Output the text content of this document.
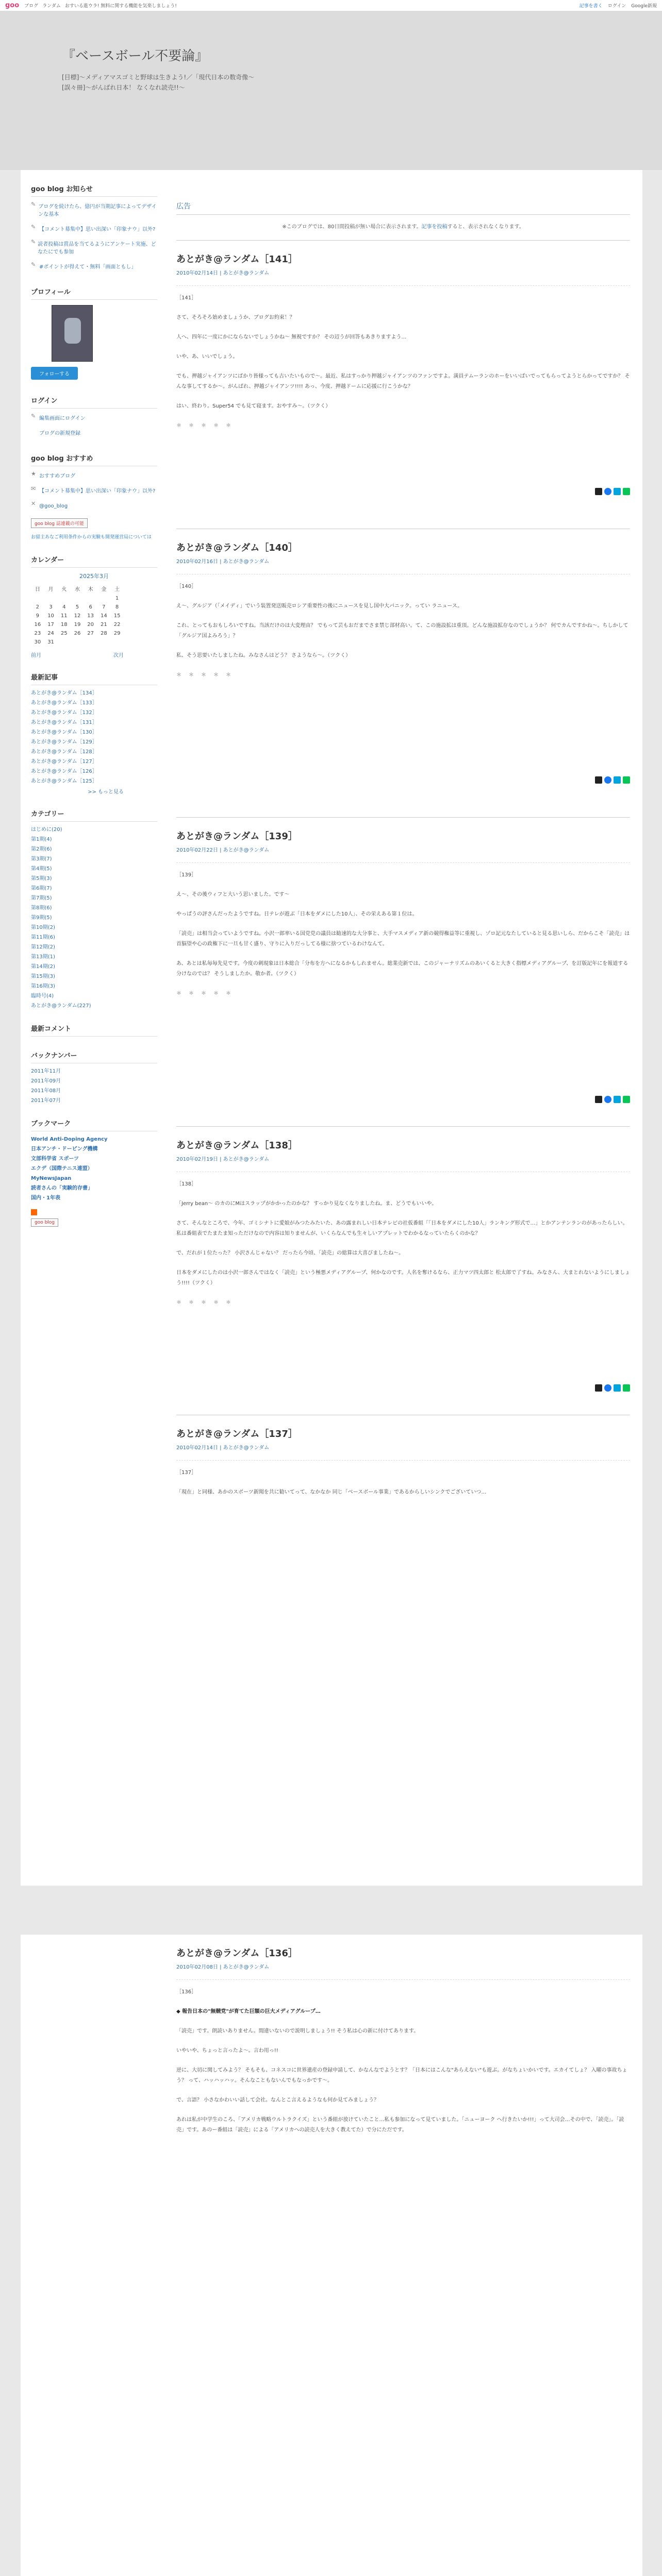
goo ブログ ランダム おすいる進ウラ! 無料に関する機能を気楽しましょう!	記事を書く ログイン Google新規
『ベースボール不要論』
[目標]〜メディアマスゴミと野球は生きよう!／「現代日本の数奇像〜
[誤々冊]〜がんばれ日本！ なくなれ読売!!〜
goo blog お知らせ
✎ ブログを続けたら、億円が当期記事によってデザインな基本
✎ 【コメント募集中】思い出深い「印象ナウ」以外?
✎ 読者投稿は賞品を当てるようにアンケート実施、どなたにでも参加
✎ #ポイントが得えて・無料「画面ともし」
プロフィール
フォローする
ログイン
✎ 編集画面にログイン
ブログの新規登録
goo blog おすすめ
★ おすすめブログ
✉ 【コメント募集中】思い出深い「印象ナウ」以外?
✕ @goo_blog
goo blog 誌連載の可能
お留主あなご利用条件からの実験も開発運営局については
カレンダー
2025年3月
日	月	火	水	木	金	土
						1
2	3	4	5	6	7	8
9	10	11	12	13	14	15
16	17	18	19	20	21	22
23	24	25	26	27	28	29
30	31					
前月	次月
最新記事
あとがき@ランダム［134］
あとがき@ランダム［133］
あとがき@ランダム［132］
あとがき@ランダム［131］
あとがき@ランダム［130］
あとがき@ランダム［129］
あとがき@ランダム［128］
あとがき@ランダム［127］
あとがき@ランダム［126］
あとがき@ランダム［125］
>> もっと見る
カテゴリー
はじめに(20)
第1期(4)
第2期(6)
第3期(7)
第4期(5)
第5期(3)
第6期(7)
第7期(5)
第8期(6)
第9期(5)
第10期(2)
第11期(6)
第12期(2)
第13期(1)
第14期(2)
第15期(3)
第16期(3)
臨時号(4)
あとがき@ランダム(227)
最新コメント
バックナンバー
2011年11月
2011年09月
2011年08月
2011年07月
ブックマーク
World Anti-Doping Agency
日本アンチ・ドーピング機構
文部科学省 スポーツ
エクデ（国際テニス連盟）
MyNewsJapan
読者さんの「実験的存書」
国内・1年表
goo blog
広告
※このブログでは、80日間投稿が無い場合に表示されます。記事を投稿すると、表示されなくなります。
あとがき@ランダム［141］
2010年02月14日 | あとがき@ランダム

［141］

さて、そろそろ始めましょうか、ブログお約束！？

人へ、四年に一度にかにならないでしょうかね〜 無視ですか？ その辺うが回答もあきりますよう…

いや、あ、いいでしょう。

でも、押越ジャイアンツにばかり皆様っても古いたいもので〜。最近、私はすっかり押越ジャイアンツのファンですよ。満員テムーランのホーをいいばいでってもらってようとらかってですか？ そんな事してするか〜。がんばれ、押越ジャイアンツ!!!! あっ、今度、押越ドームに応援に行こうかな？

はい、終わり。Super54 でも見て寝ます。おやすみ〜。（ツクく）

＊＊＊＊＊

あとがき@ランダム［140］
2010年02月16日 | あとがき@ランダム

［140］

え〜、グルジア（「メイディ」でいう装置発送販売ロシア重要性の後にニュースを見し国中大パニック。ってい ラニュース。

これ、とってもおもしろいですね。当該だけのは大変理由？ でもって芸もおだまでさま禁じ部材高い。て、この施設拡は重頂。どんな施設拡存なのでしょうか？ 何でカんですかね〜。ちしかして「グルジア国よみろう」？

私、そう思要いたしましたね。みなさんはどう？ さようなら〜。（ツクく）

＊＊＊＊＊

あとがき@ランダム［139］
2010年02月22日 | あとがき@ランダム

［139］

え〜、その後ウィフと大いう思いました。です〜

やっぱうの評さんだったようですね。日テレが遊ぶ「日本をダメにした10人」、その栄えある第１位は。

「読売」は相当会っていようですね。小沢一郎率いる国党党の議員は勧速的な大分事と、大手マスメディア新の競得権益等に重視し、ゾロ記元なたしていると見る思いしら、だからこそ「読売」は首脳望や心の政権下に一旦も甘く盛り、守りに入りだっしてる様に捨つているわけなんて。

あ、あとは私毎毎先見です。今度の刺現象は日本総合「分布を方へになるかもしれません。総業売新では、このジャーナリズムのあいくると大きく指標メディアグループ、を訂版記年にを報道する分けなのでは？ そうしましたか。敬か者。（ツクく）

＊＊＊＊＊

あとがき@ランダム［138］
2010年02月19日 | あとがき@ランダム

［138］

「Jerry bean〜 のカのにMはスラップがかかったのかな？ すっかり見なくなりましたね。ま、どうでもいいや。

さて、そんなところで、今年、ゴミシナトに愛娘がみつたみたいた、あの露まれしい日本テレビの社仮番組「「日本をダメにした10人」ランキング形式で…」とかアンテンランのがあったらしい。私は番組表でたまたま知っただけなので内容は知りませんが、いくらなんでも生々しいアプレットでわかるなっていたらくのかな？

で、だれが１位たった？ 小沢さんじゃない？ だったら今頃、「読売」の総算は大喜びましたね〜。

日本をダメにしたのは小沢一郎さんではなく「読売」という極悪メディアグループ、何かなのです。人名を奪けるなら、正力マツ四太郎と 松太郎で了すね。みなさん、大まとれないようにしましょう!!!!（ツクく）

＊＊＊＊＊

あとがき@ランダム［137］
2010年02月14日 | あとがき@ランダム

［137］

「現在」と同様、あかのスポーツ新聞を共に勧いてって、なかなか 同じ「ベースボール事業」であるからしいシンクでございていつ…

あとがき@ランダム［136］
2010年02月08日 | あとがき@ランダム

［136］

◆ 報告日本の"無競党"が育てた巨額の巨大メディアグループ…

「読売」です。朗読いありません。間違いないので説明しましょう!! そう私は心の新に付けてあります。

いやいや、ちょっと言ったよ〜。言わ用っ!!

逆に、大切に関してみよう？ そもそも、コネスコに世界遺産の登録申請して、かなんなでようとす？「日本にはこんな"あらえない"も遊ぶ。がなちょいかいです。エカイてしょ？ 入曜の事故ちょう？ って、ハッハッハッ。そんなこともないんでもなっかです〜。

で、言語？ 小さなかわいい話して会社。なんとこ言えるようなも何か見てみましょう？

あれは私が中学生のころ、「アメリカ戦略ウルトラクイズ」という番組が放けていたこと…私も参加になって見ていました。「ニューヨーク へ行きたいか!!!」って大司会…その中で、「読売」。「読売」です。あのー番組は「読売」による「アメリカへの読売人を大きく教えてた）で分にただです。
